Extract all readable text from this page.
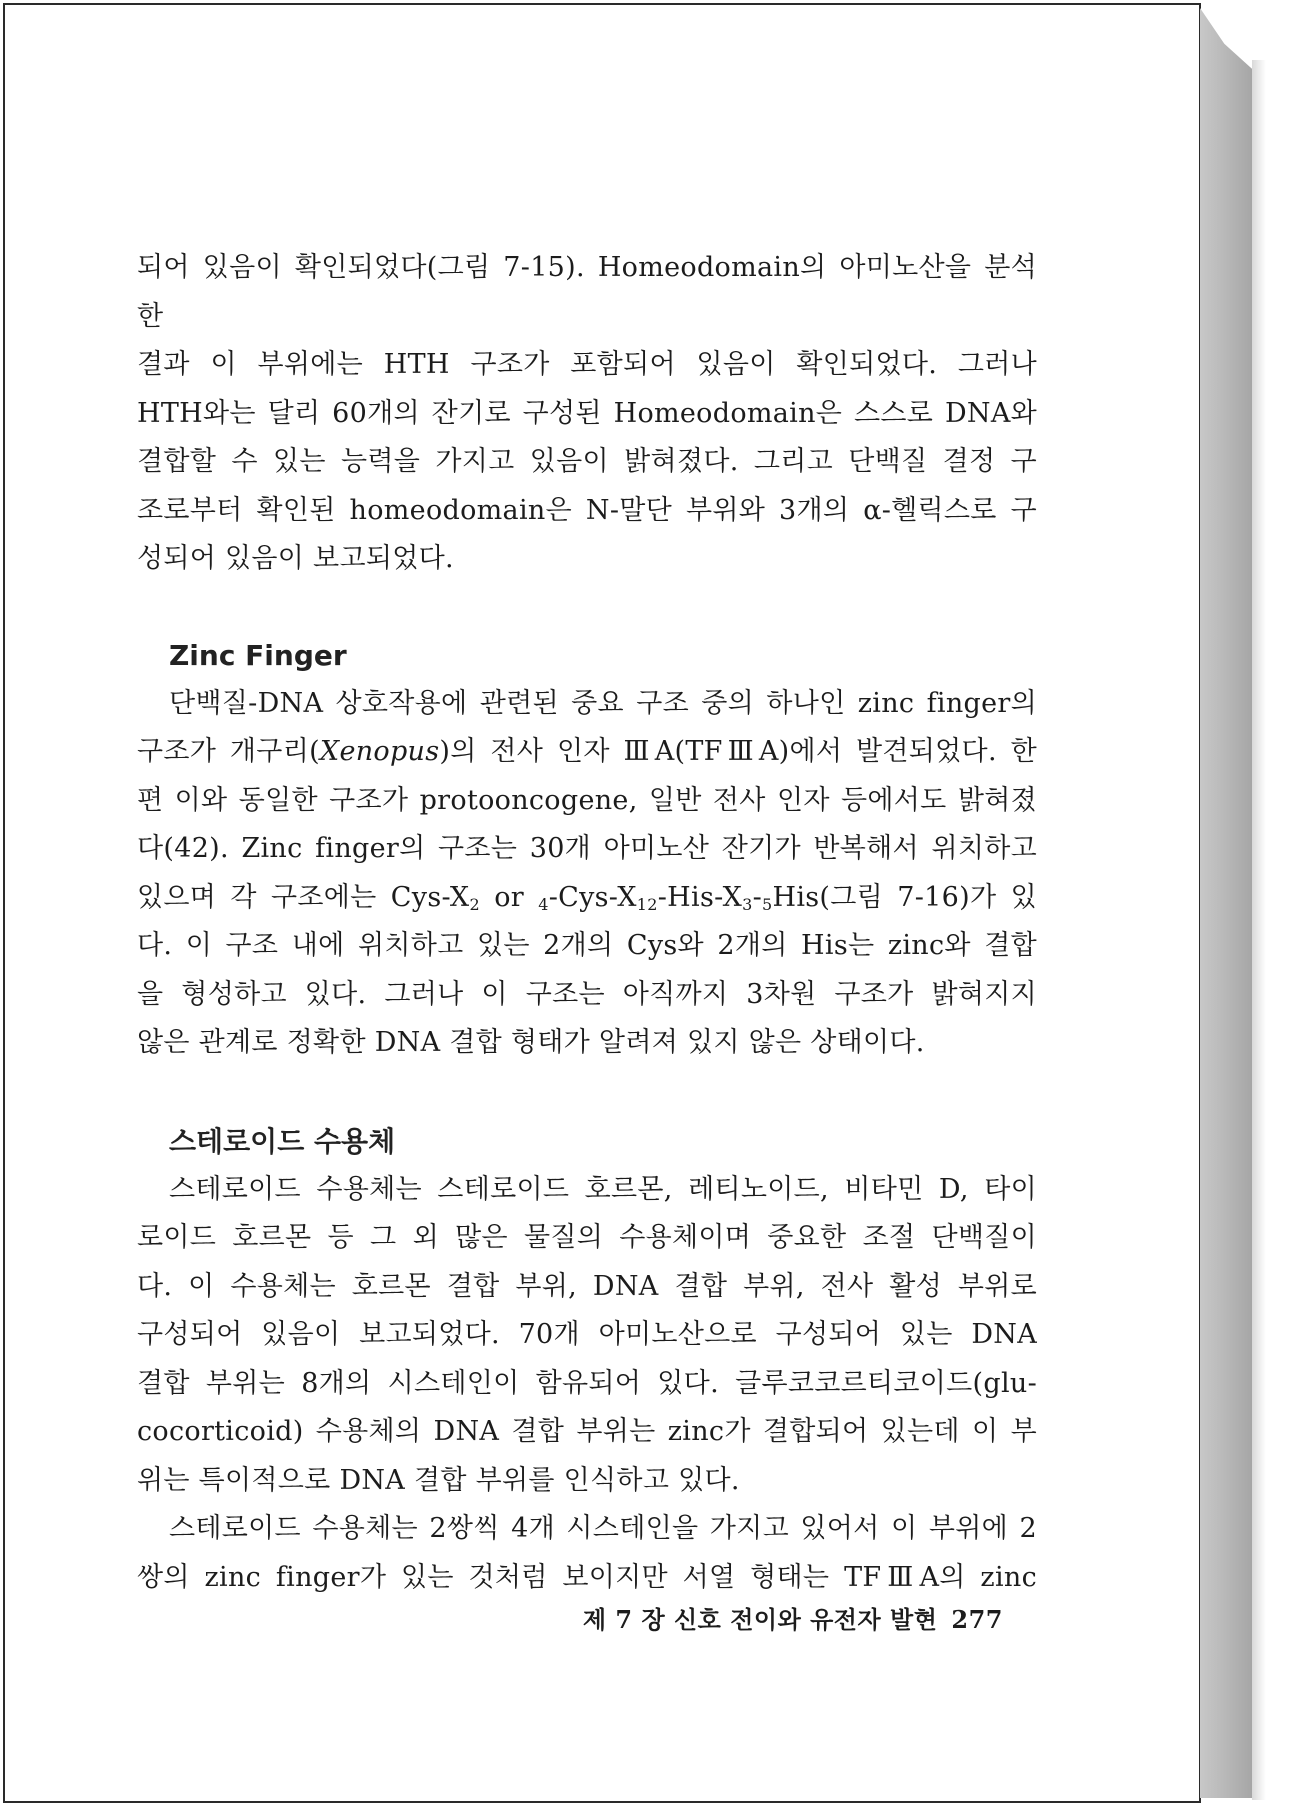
되어 있음이 확인되었다(그림 7-15). Homeodomain의 아미노산을 분석한
결과 이 부위에는 HTH 구조가 포함되어 있음이 확인되었다. 그러나
HTH와는 달리 60개의 잔기로 구성된 Homeodomain은 스스로 DNA와
결합할 수 있는 능력을 가지고 있음이 밝혀졌다. 그리고 단백질 결정 구
조로부터 확인된 homeodomain은 N-말단 부위와 3개의 α-헬릭스로 구
성되어 있음이 보고되었다.

Zinc Finger

단백질-DNA 상호작용에 관련된 중요 구조 중의 하나인 zinc finger의
구조가 개구리(Xenopus)의 전사 인자 ⅢA(TFⅢA)에서 발견되었다. 한
편 이와 동일한 구조가 protooncogene, 일반 전사 인자 등에서도 밝혀졌
다(42). Zinc finger의 구조는 30개 아미노산 잔기가 반복해서 위치하고
있으며 각 구조에는 Cys-$X_2$ or $_4-Cys-X_{12}-His-X_3-_5His$(그림 7-16)가 있
다. 이 구조 내에 위치하고 있는 2개의 Cys와 2개의 His는 zinc와 결합
을 형성하고 있다. 그러나 이 구조는 아직까지 3차원 구조가 밝혀지지
않은 관계로 정확한 DNA 결합 형태가 알려져 있지 않은 상태이다.

스테로이드 수용체

스테로이드 수용체는 스테로이드 호르몬, 레티노이드, 비타민 D, 타이
로이드 호르몬 등 그 외 많은 물질의 수용체이며 중요한 조절 단백질이
다. 이 수용체는 호르몬 결합 부위, DNA 결합 부위, 전사 활성 부위로
구성되어 있음이 보고되었다. 70개 아미노산으로 구성되어 있는 DNA
결합 부위는 8개의 시스테인이 함유되어 있다. 글루코코르티코이드(glu-
cocorticoid) 수용체의 DNA 결합 부위는 zinc가 결합되어 있는데 이 부
위는 특이적으로 DNA 결합 부위를 인식하고 있다.

스테로이드 수용체는 2쌍씩 4개 시스테인을 가지고 있어서 이 부위에 2
쌍의 zinc finger가 있는 것처럼 보이지만 서열 형태는 TFⅢA의 zinc

제 7 장 신호 전이와 유전자 발현 277
